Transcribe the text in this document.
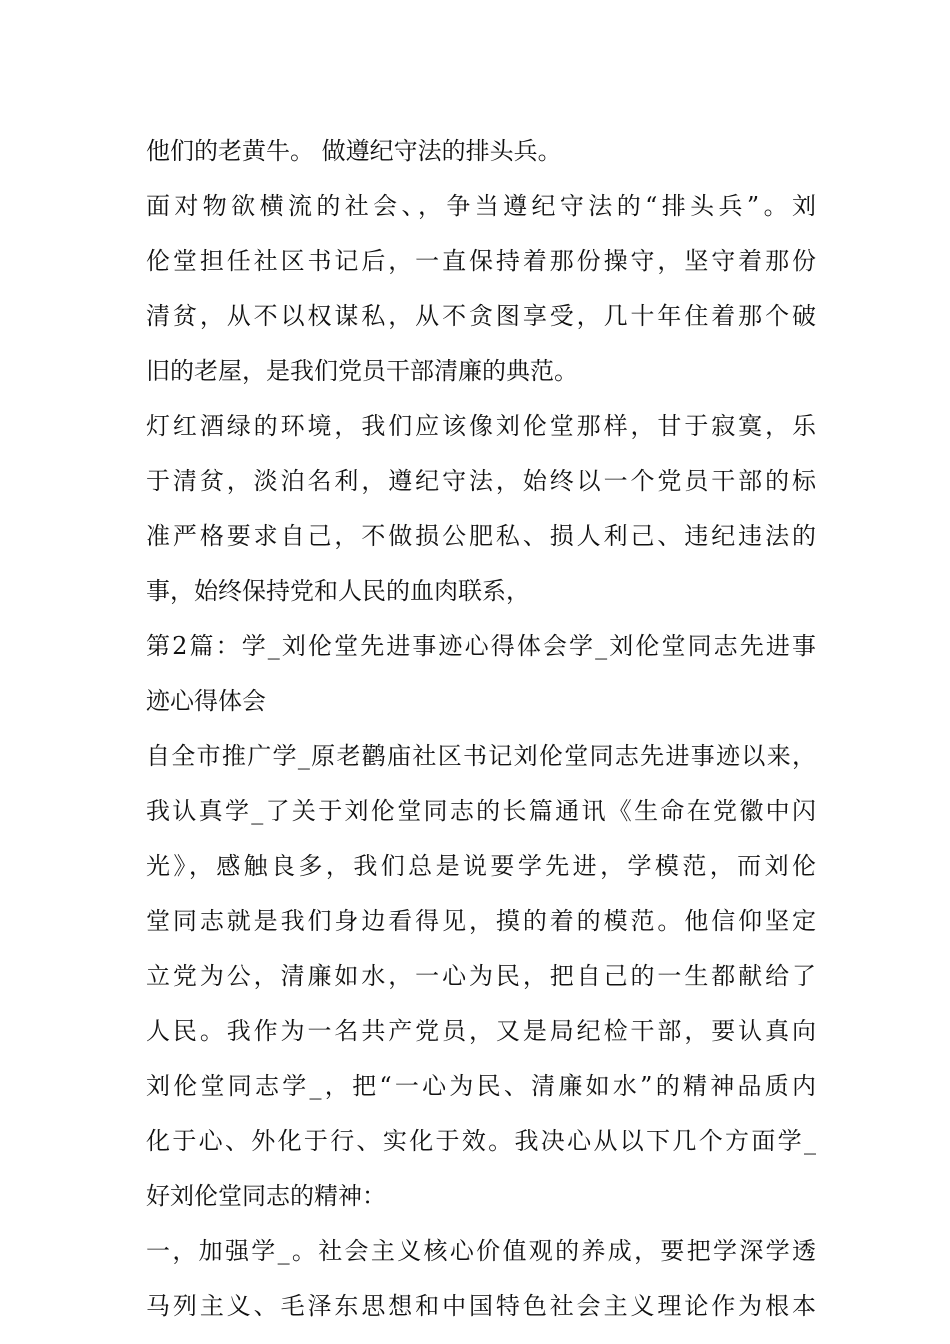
他们的老黄牛。 做遵纪守法的排头兵。
面对物欲横流的社会、，争当遵纪守法的“排头兵”。刘
伦堂担任社区书记后，一直保持着那份操守，坚守着那份
清贫，从不以权谋私，从不贪图享受，几十年住着那个破
旧的老屋，是我们党员干部清廉的典范。
灯红酒绿的环境，我们应该像刘伦堂那样，甘于寂寞，乐
于清贫，淡泊名利，遵纪守法，始终以一个党员干部的标
准严格要求自己，不做损公肥私、损人利己、违纪违法的
事，始终保持党和人民的血肉联系，
第2篇：学_刘伦堂先进事迹心得体会学_刘伦堂同志先进事
迹心得体会
自全市推广学_原老鹳庙社区书记刘伦堂同志先进事迹以来，
我认真学_了关于刘伦堂同志的长篇通讯《生命在党徽中闪
光》，感触良多，我们总是说要学先进，学模范，而刘伦
堂同志就是我们身边看得见，摸的着的模范。他信仰坚定
立党为公，清廉如水，一心为民，把自己的一生都献给了
人民。我作为一名共产党员，又是局纪检干部，要认真向
刘伦堂同志学_，把“一心为民、清廉如水”的精神品质内
化于心、外化于行、实化于效。我决心从以下几个方面学_
好刘伦堂同志的精神：
一，加强学_。社会主义核心价值观的养成，要把学深学透
马列主义、毛泽东思想和中国特色社会主义理论作为根本
